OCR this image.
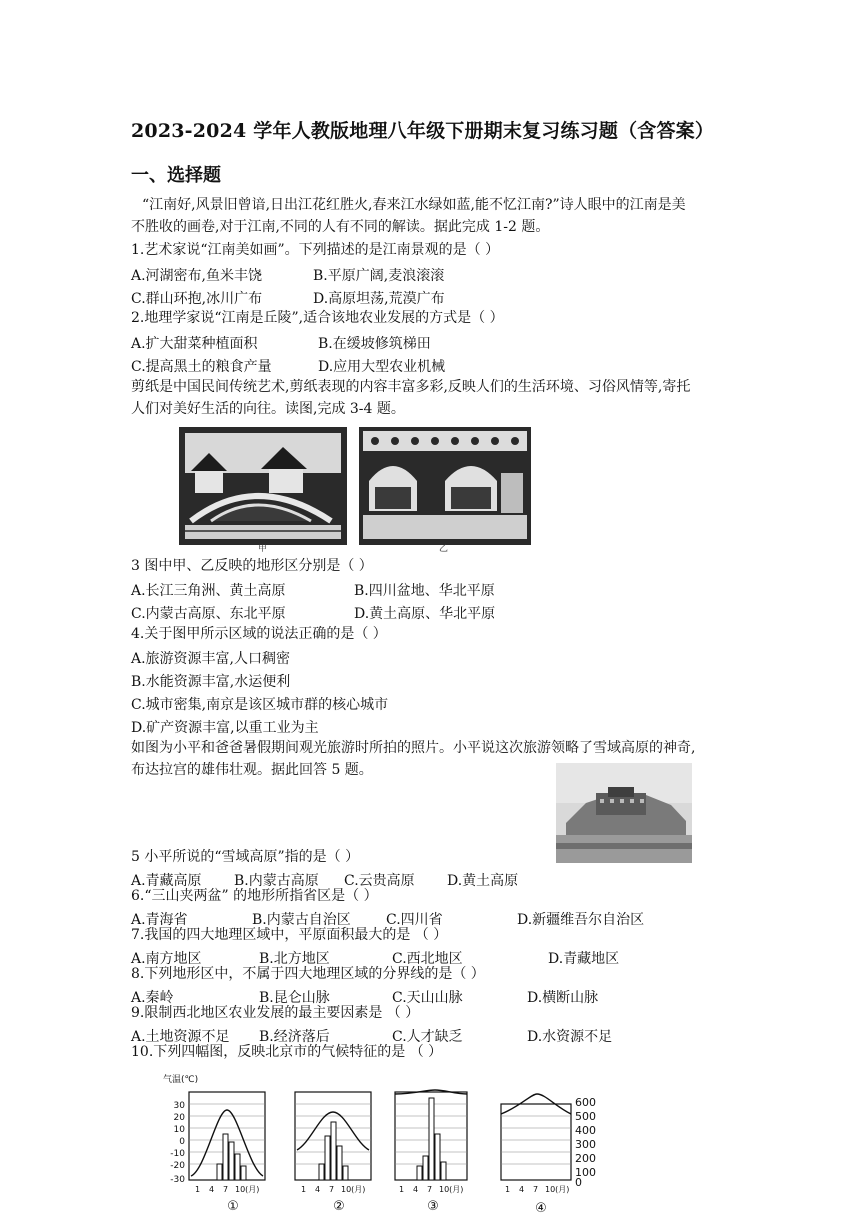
2023-2024 学年人教版地理八年级下册期末复习练习题（含答案）
一、选择题
“江南好,风景旧曾谙,日出江花红胜火,春来江水绿如蓝,能不忆江南?”诗人眼中的江南是美
不胜收的画卷,对于江南,不同的人有不同的解读。据此完成 1-2 题。
1.艺术家说“江南美如画”。下列描述的是江南景观的是（ ）
A.河湖密布,鱼米丰饶	B.平原广阔,麦浪滚滚
C.群山环抱,冰川广布	D.高原坦荡,荒漠广布
2.地理学家说“江南是丘陵”,适合该地农业发展的方式是（ ）
A.扩大甜菜种植面积	B.在缓坡修筑梯田
C.提高黑土的粮食产量	D.应用大型农业机械
剪纸是中国民间传统艺术,剪纸表现的内容丰富多彩,反映人们的生活环境、习俗风情等,寄托
人们对美好生活的向往。读图,完成 3-4 题。
甲	乙
3 图中甲、乙反映的地形区分别是（ ）
A.长江三角洲、黄土高原	B.四川盆地、华北平原
C.内蒙古高原、东北平原	D.黄土高原、华北平原
4.关于图甲所示区域的说法正确的是（ ）
A.旅游资源丰富,人口稠密
B.水能资源丰富,水运便利
C.城市密集,南京是该区城市群的核心城市
D.矿产资源丰富,以重工业为主
如图为小平和爸爸暑假期间观光旅游时所拍的照片。小平说这次旅游领略了雪域高原的神奇,
布达拉宫的雄伟壮观。据此回答 5 题。
5 小平所说的“雪域高原”指的是（ ）
A.青藏高原 B.内蒙古高原 C.云贵高原 D.黄土高原
6.“三山夹两盆” 的地形所指省区是（ ）
A.青海省	B.内蒙古自治区	C.四川省	D.新疆维吾尔自治区
7.我国的四大地理区域中，平原面积最大的是 （ ）
A.南方地区	B.北方地区	C.西北地区	D.青藏地区
8.下列地形区中，不属于四大地理区域的分界线的是（ ）
A.秦岭	B.昆仑山脉	C.天山山脉	D.横断山脉
9.限制西北地区农业发展的最主要因素是 （ ）
A.土地资源不足 B.经济落后	C.人才缺乏	D.水资源不足
10.下列四幅图，反映北京市的气候特征的是 （ ）
气温(℃)
30
20
10
0
-10
-20
-30
600
500
400
300
200
100
0
1 4 7 10(月)	1 4 7 10(月)	1 4 7 10(月)	1 4 7 10(月)
①	②	③	④
